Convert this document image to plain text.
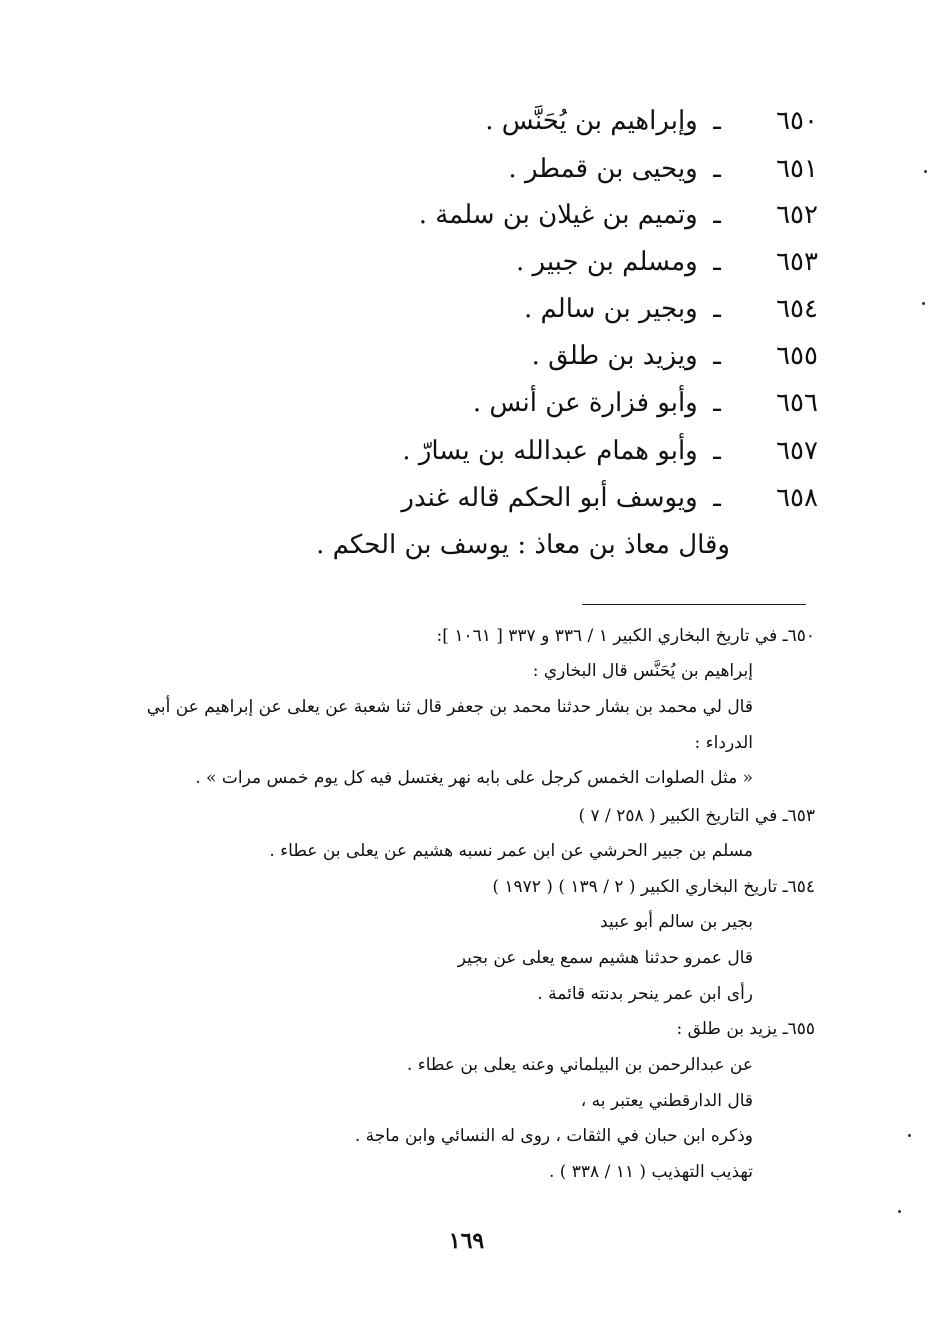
٦٥٠ـ وإبراهيم بن يُحَنَّس .
٦٥١ـ ويحيى بن قمطر .
٦٥٢ـ وتميم بن غيلان بن سلمة .
٦٥٣ـ ومسلم بن جبير .
٦٥٤ـ وبجير بن سالم .
٦٥٥ـ ويزيد بن طلق .
٦٥٦ـ وأبو فزارة عن أنس .
٦٥٧ـ وأبو همام عبدالله بن يسارّ .
٦٥٨ـ ويوسف أبو الحكم قاله غندر
وقال معاذ بن معاذ : يوسف بن الحكم .
٦٥٠ـ في تاريخ البخاري الكبير ١ / ٣٣٦ و ٣٣٧ [ ١٠٦١ ]:
إبراهيم بن يُحَنَّس قال البخاري :
قال لي محمد بن بشار حدثنا محمد بن جعفر قال ثنا شعبة عن يعلى عن إبراهيم عن أبي
الدرداء :
« مثل الصلوات الخمس كرجل على بابه نهر يغتسل فيه كل يوم خمس مرات » .
٦٥٣ـ في التاريخ الكبير ( ٢٥٨ / ٧ )
مسلم بن جبير الحرشي عن ابن عمر نسبه هشيم عن يعلى بن عطاء .
٦٥٤ـ تاريخ البخاري الكبير ( ٢ / ١٣٩ ) ( ١٩٧٢ )
بجير بن سالم أبو عبيد
قال عمرو حدثنا هشيم سمع يعلى عن بجير
رأى ابن عمر ينحر بدنته قائمة .
٦٥٥ـ يزيد بن طلق :
عن عبدالرحمن بن البيلماني وعنه يعلى بن عطاء .
قال الدارقطني يعتبر به ،
وذكره ابن حبان في الثقات ، روى له النسائي وابن ماجة .
تهذيب التهذيب ( ١١ / ٣٣٨ ) .
١٦٩
